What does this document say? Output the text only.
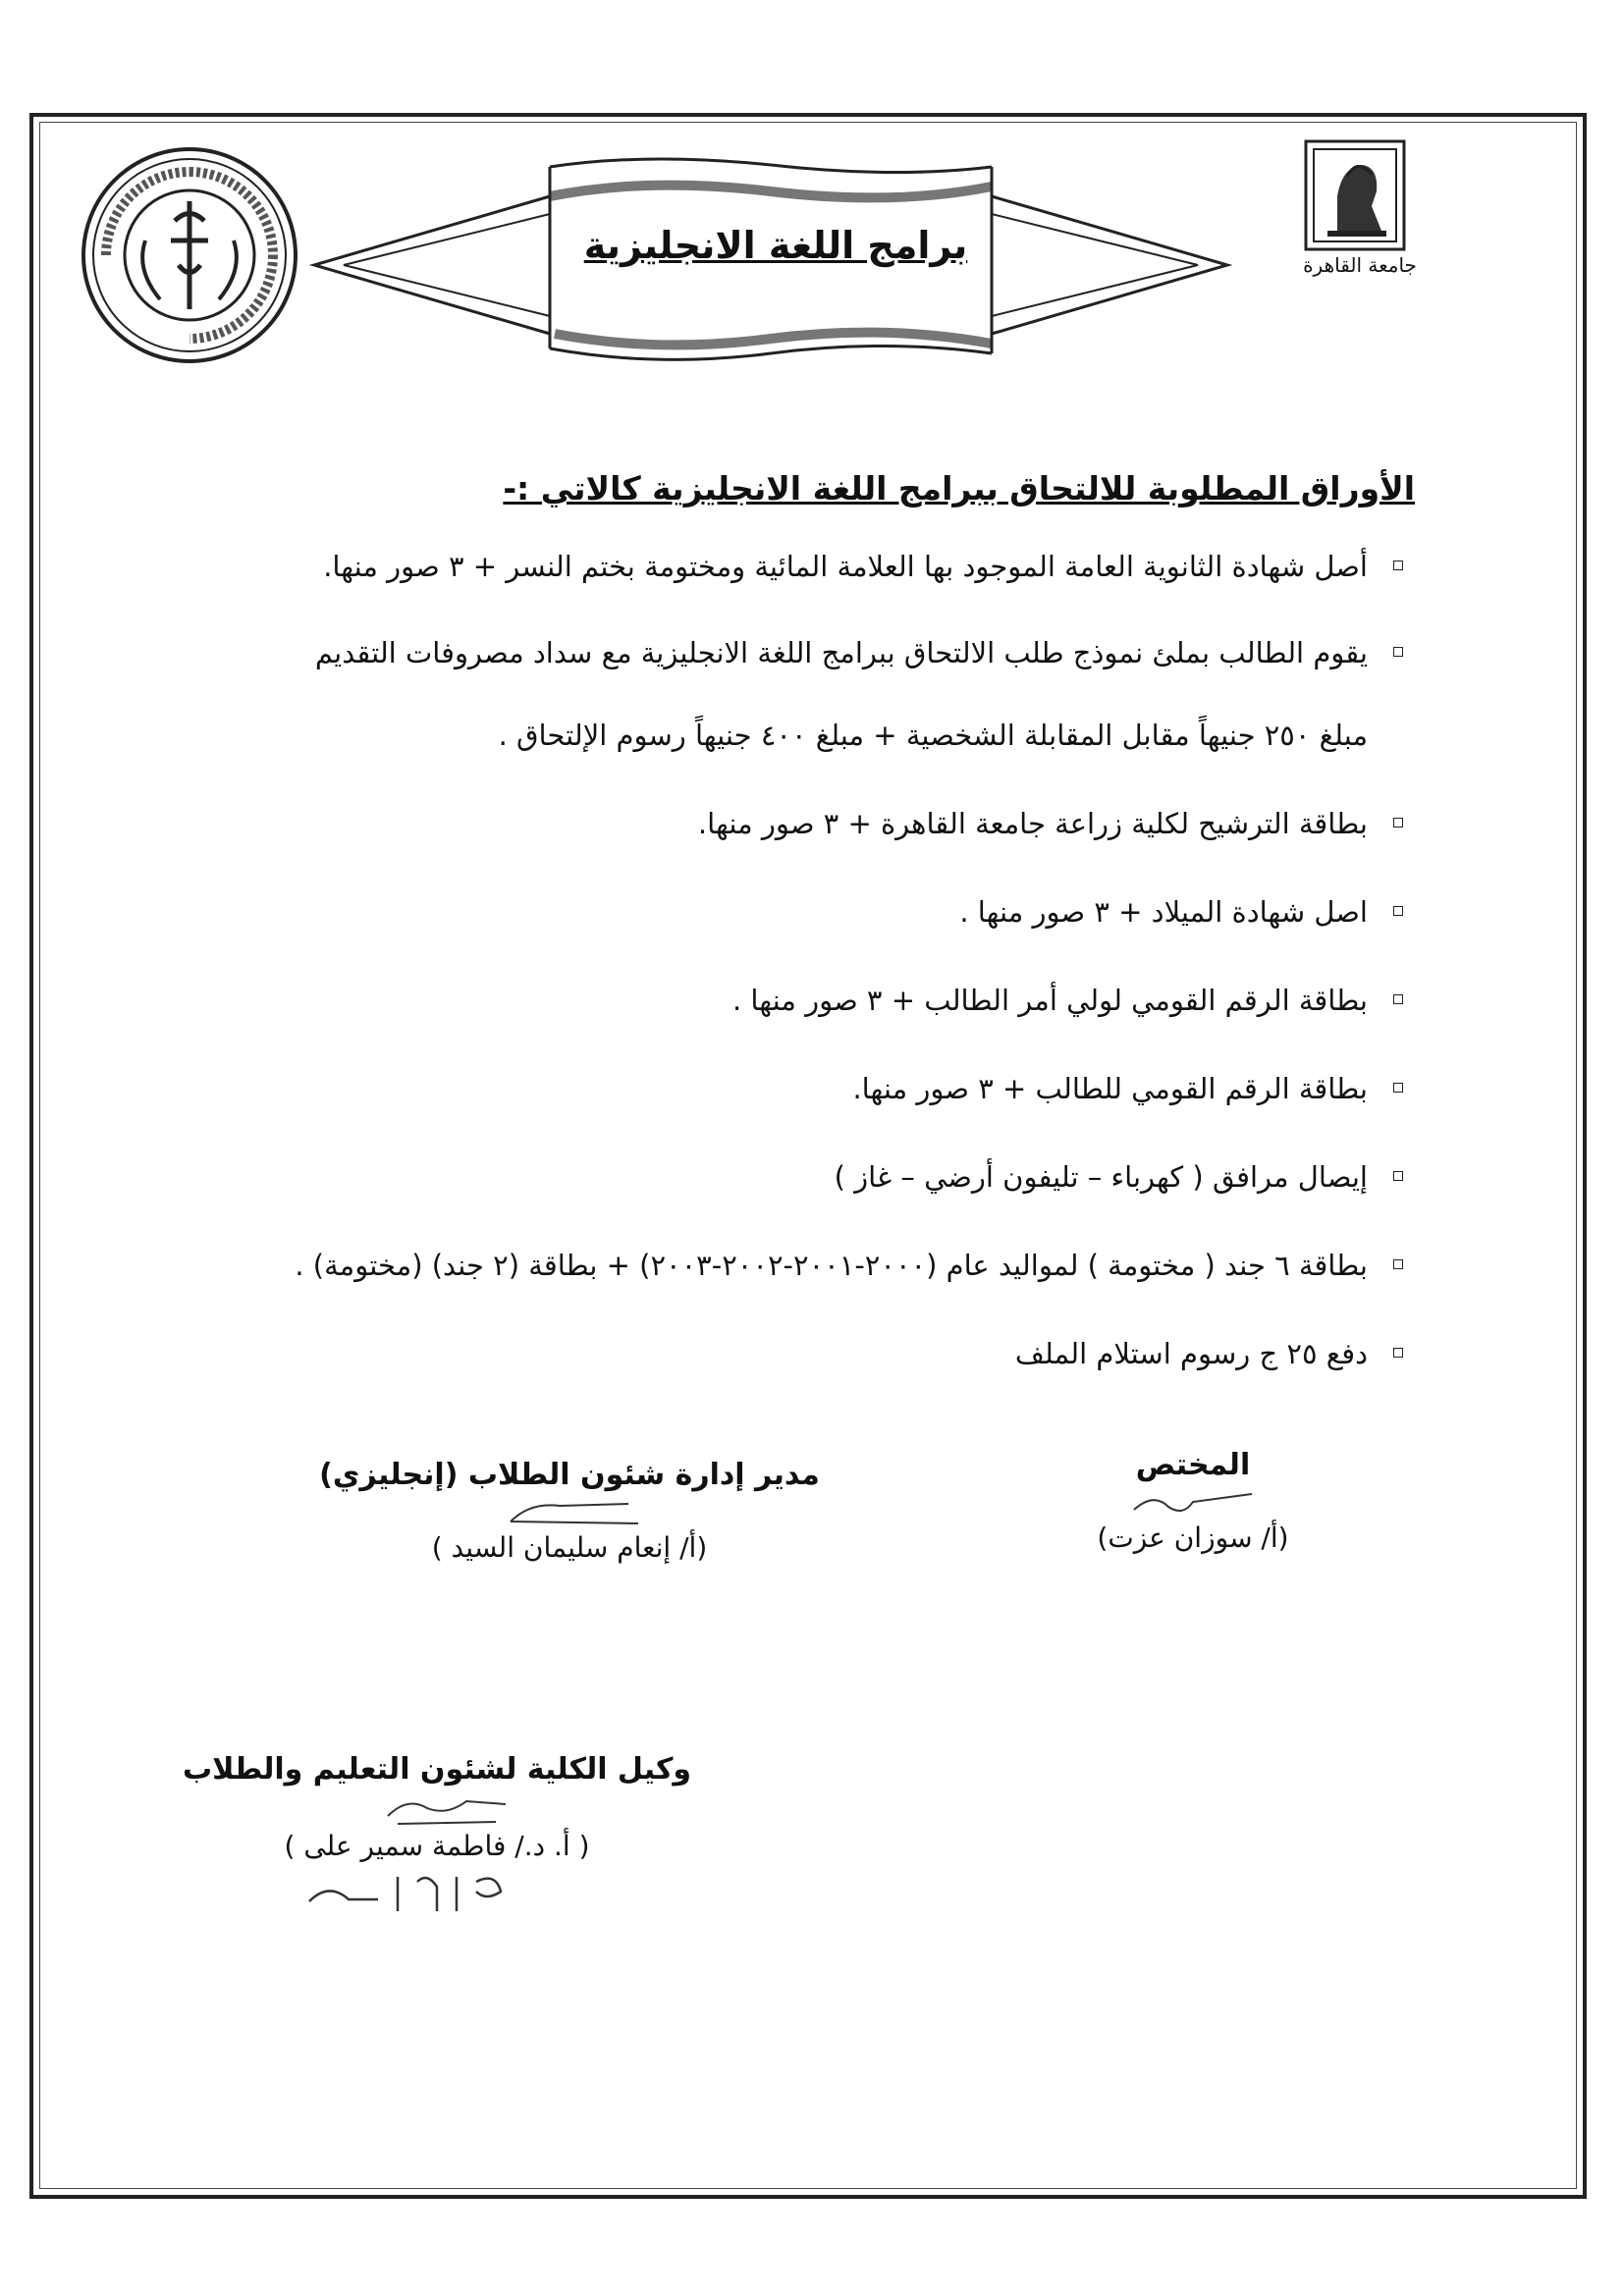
جامعة القاهرة
برامج اللغة الانجليزية
الأوراق المطلوبة للالتحاق ببرامج اللغة الانجليزية كالاتي :-
أصل شهادة الثانوية العامة الموجود بها العلامة المائية ومختومة بختم النسر + ٣ صور منها.
يقوم الطالب بملئ نموذج طلب الالتحاق ببرامج اللغة الانجليزية مع سداد مصروفات التقديم
مبلغ ٢٥٠ جنيهاً مقابل المقابلة الشخصية + مبلغ ٤٠٠ جنيهاً رسوم الإلتحاق .
بطاقة الترشيح لكلية زراعة جامعة القاهرة + ٣ صور منها.
اصل شهادة الميلاد + ٣ صور منها .
بطاقة الرقم القومي لولي أمر الطالب + ٣ صور منها .
بطاقة الرقم القومي للطالب + ٣ صور منها.
إيصال مرافق ( كهرباء – تليفون أرضي – غاز )
بطاقة ٦ جند ( مختومة ) لمواليد عام (٢٠٠٠-٢٠٠١-٢٠٠٢-٢٠٠٣) + بطاقة (٢ جند) (مختومة) .
دفع ٢٥ ج رسوم استلام الملف
المختص
(أ/ سوزان عزت)
مدير إدارة شئون الطلاب (إنجليزي)
(أ/ إنعام سليمان السيد )
وكيل الكلية لشئون التعليم والطلاب
( أ. د./ فاطمة سمير على )
